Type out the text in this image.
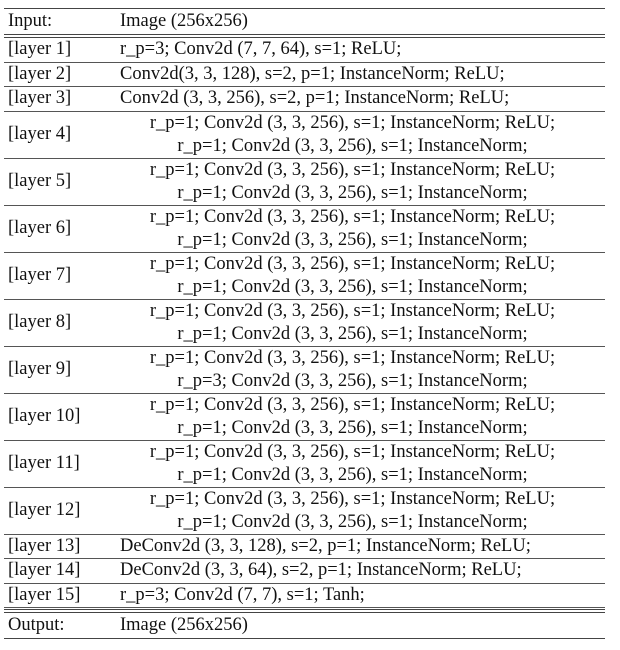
Input:	Image (256x256)
[layer 1]	r_p=3; Conv2d (7, 7, 64), s=1; ReLU;
[layer 2]	Conv2d(3, 3, 128), s=2, p=1; InstanceNorm; ReLU;
[layer 3]	Conv2d (3, 3, 256), s=2, p=1; InstanceNorm; ReLU;
[layer 4]
r_p=1; Conv2d (3, 3, 256), s=1; InstanceNorm; ReLU;
r_p=1; Conv2d (3, 3, 256), s=1; InstanceNorm;
[layer 5]
r_p=1; Conv2d (3, 3, 256), s=1; InstanceNorm; ReLU;
r_p=1; Conv2d (3, 3, 256), s=1; InstanceNorm;
[layer 6]
r_p=1; Conv2d (3, 3, 256), s=1; InstanceNorm; ReLU;
r_p=1; Conv2d (3, 3, 256), s=1; InstanceNorm;
[layer 7]
r_p=1; Conv2d (3, 3, 256), s=1; InstanceNorm; ReLU;
r_p=1; Conv2d (3, 3, 256), s=1; InstanceNorm;
[layer 8]
r_p=1; Conv2d (3, 3, 256), s=1; InstanceNorm; ReLU;
r_p=1; Conv2d (3, 3, 256), s=1; InstanceNorm;
[layer 9]
r_p=1; Conv2d (3, 3, 256), s=1; InstanceNorm; ReLU;
r_p=3; Conv2d (3, 3, 256), s=1; InstanceNorm;
[layer 10]
r_p=1; Conv2d (3, 3, 256), s=1; InstanceNorm; ReLU;
r_p=1; Conv2d (3, 3, 256), s=1; InstanceNorm;
[layer 11]
r_p=1; Conv2d (3, 3, 256), s=1; InstanceNorm; ReLU;
r_p=1; Conv2d (3, 3, 256), s=1; InstanceNorm;
[layer 12]
r_p=1; Conv2d (3, 3, 256), s=1; InstanceNorm; ReLU;
r_p=1; Conv2d (3, 3, 256), s=1; InstanceNorm;
[layer 13]	DeConv2d (3, 3, 128), s=2, p=1; InstanceNorm; ReLU;
[layer 14]	DeConv2d (3, 3, 64), s=2, p=1; InstanceNorm; ReLU;
[layer 15]	r_p=3; Conv2d (7, 7), s=1; Tanh;
Output:	Image (256x256)
